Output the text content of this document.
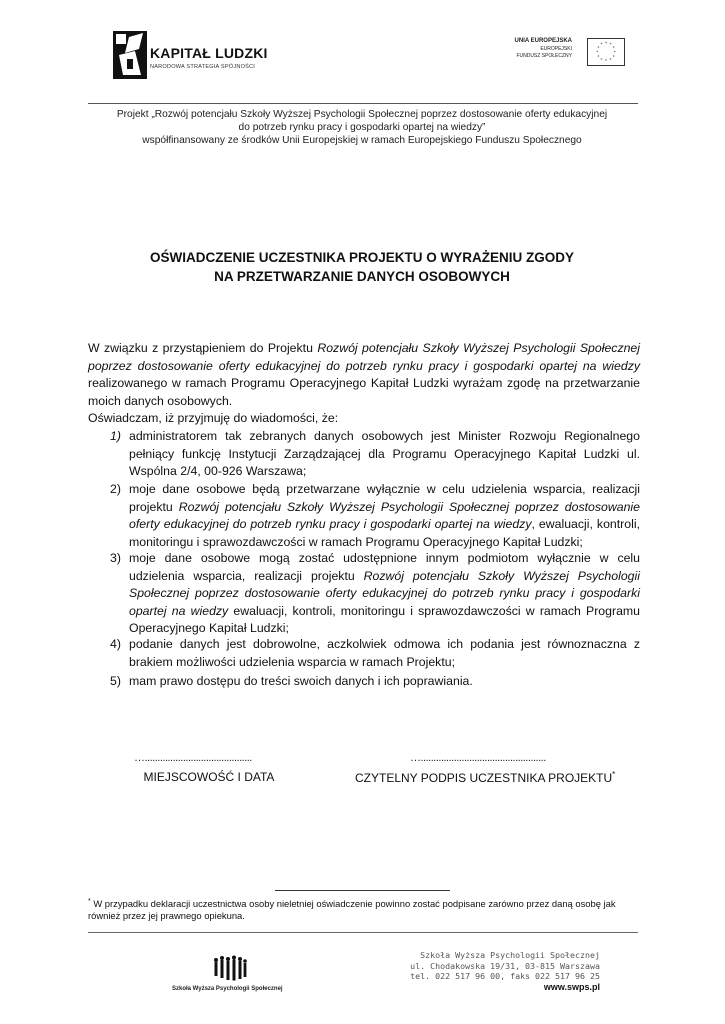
KAPITAŁ LUDZKI
NARODOWA STRATEGIA SPÓJNOŚCI
UNIA EUROPEJSKA
EUROPEJSKI
FUNDUSZ SPOŁECZNY
* *
*
*
*
*
*
*
*
*
*
*
Projekt „Rozwój potencjału Szkoły Wyższej Psychologii Społecznej poprzez dostosowanie oferty edukacyjnej
do potrzeb rynku pracy i gospodarki opartej na wiedzy”
współfinansowany ze środków Unii Europejskiej w ramach Europejskiego Funduszu Społecznego
OŚWIADCZENIE UCZESTNIKA PROJEKTU O WYRAŻENIU ZGODY
NA PRZETWARZANIE DANYCH OSOBOWYCH
W związku z przystąpieniem do Projektu Rozwój potencjału Szkoły Wyższej Psychologii Społecznej poprzez dostosowanie oferty edukacyjnej do potrzeb rynku pracy i gospodarki opartej na wiedzy realizowanego w ramach Programu Operacyjnego Kapitał Ludzki wyrażam zgodę na przetwarzanie moich danych osobowych.
Oświadczam, iż przyjmuję do wiadomości, że:
1) administratorem tak zebranych danych osobowych jest Minister Rozwoju Regionalnego pełniący funkcję Instytucji Zarządzającej dla Programu Operacyjnego Kapitał Ludzki ul. Wspólna 2/4, 00-926 Warszawa;
2) moje dane osobowe będą przetwarzane wyłącznie w celu udzielenia wsparcia, realizacji projektu Rozwój potencjału Szkoły Wyższej Psychologii Społecznej poprzez dostosowanie oferty edukacyjnej do potrzeb rynku pracy i gospodarki opartej na wiedzy, ewaluacji, kontroli, monitoringu i sprawozdawczości w ramach Programu Operacyjnego Kapitał Ludzki;
3) moje dane osobowe mogą zostać udostępnione innym podmiotom wyłącznie w celu udzielenia wsparcia, realizacji projektu Rozwój potencjału Szkoły Wyższej Psychologii Społecznej poprzez dostosowanie oferty edukacyjnej do potrzeb rynku pracy i gospodarki opartej na wiedzy ewaluacji, kontroli, monitoringu i sprawozdawczości w ramach Programu Operacyjnego Kapitał Ludzki;
4) podanie danych jest dobrowolne, aczkolwiek odmowa ich podania jest równoznaczna z brakiem możliwości udzielenia wsparcia w ramach Projektu;
5) mam prawo dostępu do treści swoich danych i ich poprawiania.
…..........................................	….................................................
MIEJSCOWOŚĆ I DATA	CZYTELNY PODPIS UCZESTNIKA PROJEKTU*
* W przypadku deklaracji uczestnictwa osoby nieletniej oświadczenie powinno zostać podpisane zarówno przez daną osobę jak również przez jej prawnego opiekuna.
Szkoła Wyższa Psychologii Społecznej
Szkoła Wyższa Psychologii Społecznej
ul. Chodakowska 19/31, 03-815 Warszawa
tel. 022 517 96 00, faks 022 517 96 25
www.swps.pl
